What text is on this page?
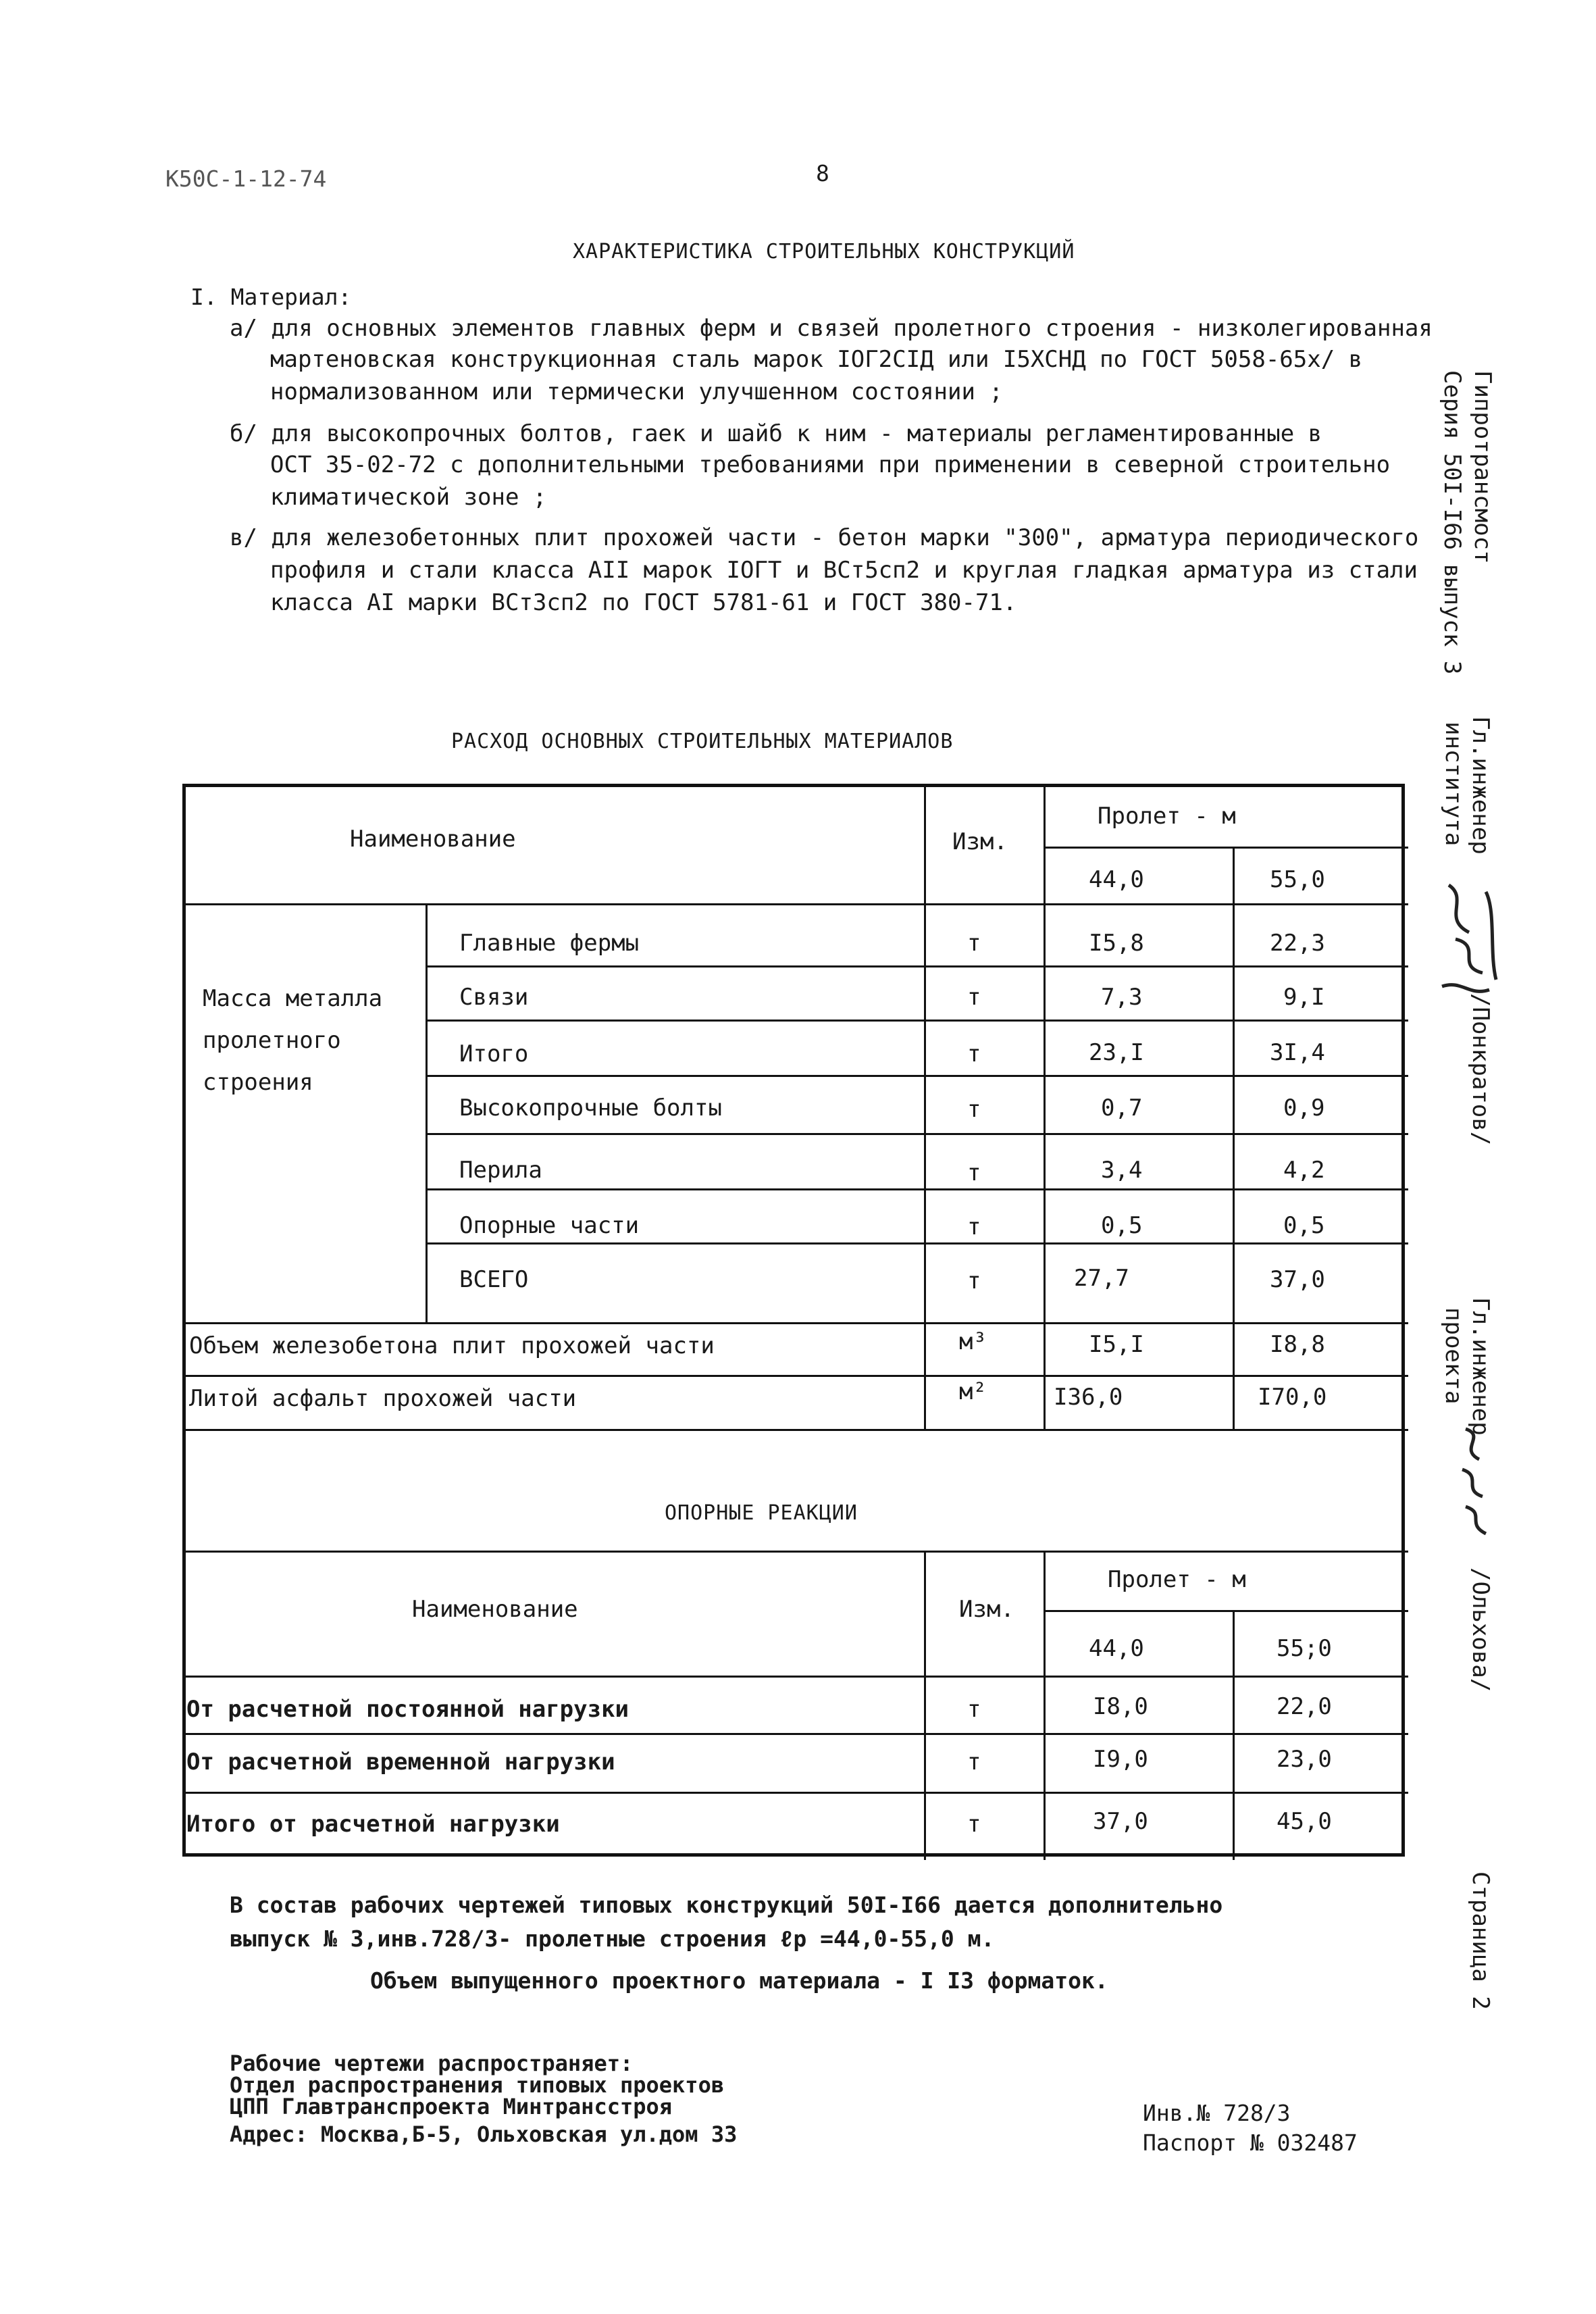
К50С-1-12-74	8
ХАРАКТЕРИСТИКА СТРОИТЕЛЬНЫХ КОНСТРУКЦИЙ
I. Материал:
а/ для основных элементов главных ферм и связей пролетного строения - низколегированная
мартеновская конструкционная сталь марок IOГ2CIД или I5XCHД по ГОСТ 5058-65x/ в
нормализованном или термически улучшенном состоянии ;
б/ для высокопрочных болтов, гаек и шайб к ним - материалы регламентированные в
ОСТ 35-02-72 с дополнительными требованиями при применении в северной строительно
климатической зоне ;
в/ для железобетонных плит прохожей части - бетон марки "300", арматура периодического
профиля и стали класса АII марок IOГТ и ВСт5сп2 и круглая гладкая арматура из стали
класса АI марки ВСт3сп2 по ГОСТ 5781-61 и ГОСТ 380-71.
РАСХОД ОСНОВНЫХ СТРОИТЕЛЬНЫХ МАТЕРИАЛОВ
Наименование	Изм.
Пролет - м
44,0	55,0
Масса металла
пролетного
строения
Главные фермы	т	I5,8	22,3
Связи	т	7,3	9,I
Итого	т	23,I	3I,4
Высокопрочные болты	т	0,7	0,9
Перила	т	3,4	4,2
Опорные части	т	0,5	0,5
ВСЕГО	т	27,7	37,0
Объем железобетона плит прохожей части	м³	I5,I	I8,8
Литой асфальт прохожей части	м²	I36,0	I70,0
ОПОРНЫЕ РЕАКЦИИ
Наименование	Изм.
Пролет - м
44,0	55;0
От расчетной постоянной нагрузки	т	I8,0	22,0
От расчетной временной нагрузки	т	I9,0	23,0
Итого от расчетной нагрузки	т	37,0	45,0
В состав рабочих чертежей типовых конструкций 50I-I66 дается дополнительно
выпуск № 3,инв.728/3- пролетные строения ℓр =44,0-55,0 м.
Объем выпущенного проектного материала - I I3 форматок.
Рабочие чертежи распространяет:
Отдел распространения типовых проектов
ЦПП Главтранспроекта Минтрансстроя
Адрес: Москва,Б-5, Ольховская ул.дом 33
Инв.№ 728/3
Паспорт № 032487
Гипротрансмост
Серия 50I-I66 выпуск 3
Гл.инженер
института
/Понкратов/
Гл.инженер
проекта
/Ольхова/
Страница 2
